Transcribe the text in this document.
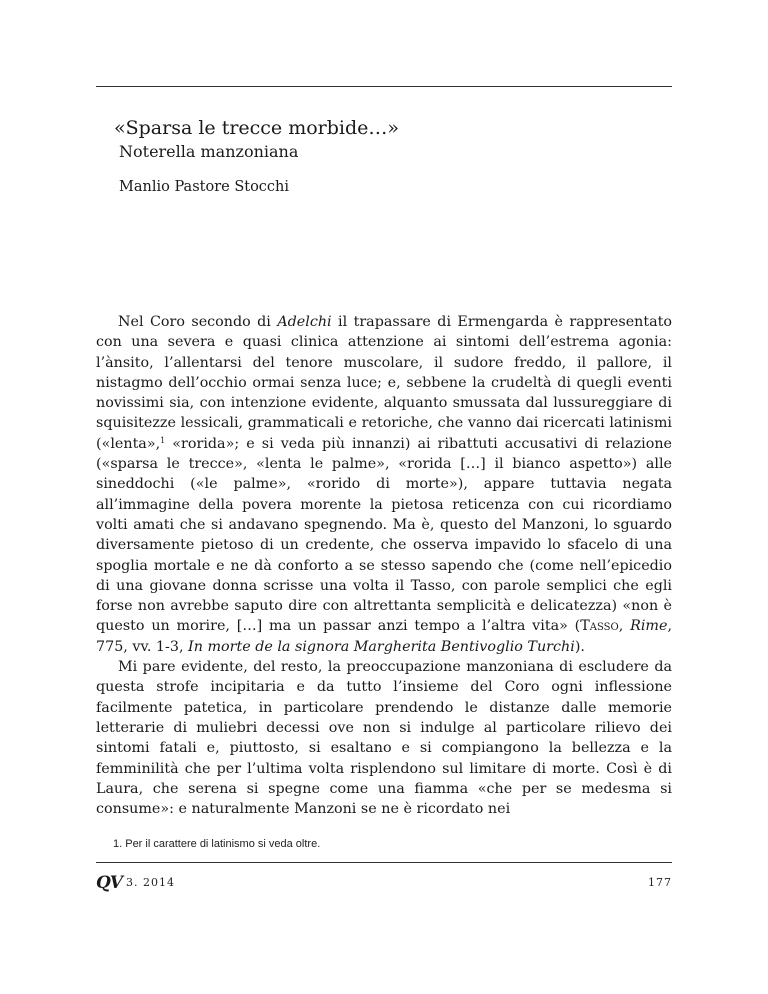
«Sparsa le trecce morbide…»
Noterella manzoniana
Manlio Pastore Stocchi

Nel Coro secondo di Adelchi il trapassare di Ermengarda è rappresentato con una severa e quasi clinica attenzione ai sintomi dell’estrema agonia: l’ànsito, l’allentarsi del tenore muscolare, il sudore freddo, il pallore, il nistagmo dell’occhio ormai senza luce; e, sebbene la crudeltà di quegli eventi novissimi sia, con intenzione evidente, alquanto smussata dal lussureggiare di squisitezze lessicali, grammaticali e retoriche, che vanno dai ricercati latinismi («lenta»,$^1$ «rorida»; e si veda più innanzi) ai ribattuti accusativi di relazione («sparsa le trecce», «lenta le palme», «rorida […] il bianco aspetto») alle sineddochi («le palme», «rorido di morte»), appare tuttavia negata all’immagine della povera morente la pietosa reticenza con cui ricordiamo volti amati che si andavano spegnendo. Ma è, questo del Manzoni, lo sguardo diversamente pietoso di un credente, che osserva impavido lo sfacelo di una spoglia mortale e ne dà conforto a se stesso sapendo che (come nell’epicedio di una giovane donna scrisse una volta il Tasso, con parole semplici che egli forse non avrebbe saputo dire con altrettanta semplicità e delicatezza) «non è questo un morire, […] ma un passar anzi tempo a l’altra vita» (Tasso, Rime, 775, vv. 1-3, In morte de la signora Margherita Bentivoglio Turchi).

Mi pare evidente, del resto, la preoccupazione manzoniana di escludere da questa strofe incipitaria e da tutto l’insieme del Coro ogni inflessione facilmente patetica, in particolare prendendo le distanze dalle memorie letterarie di muliebri decessi ove non si indulge al particolare rilievo dei sintomi fatali e, piuttosto, si esaltano e si compiangono la bellezza e la femminilità che per l’ultima volta risplendono sul limitare di morte. Così è di Laura, che serena si spegne come una fiamma «che per se medesma si consume»: e naturalmente Manzoni se ne è ricordato nei

1. Per il carattere di latinismo si veda oltre.
QV 3. 2014	177
